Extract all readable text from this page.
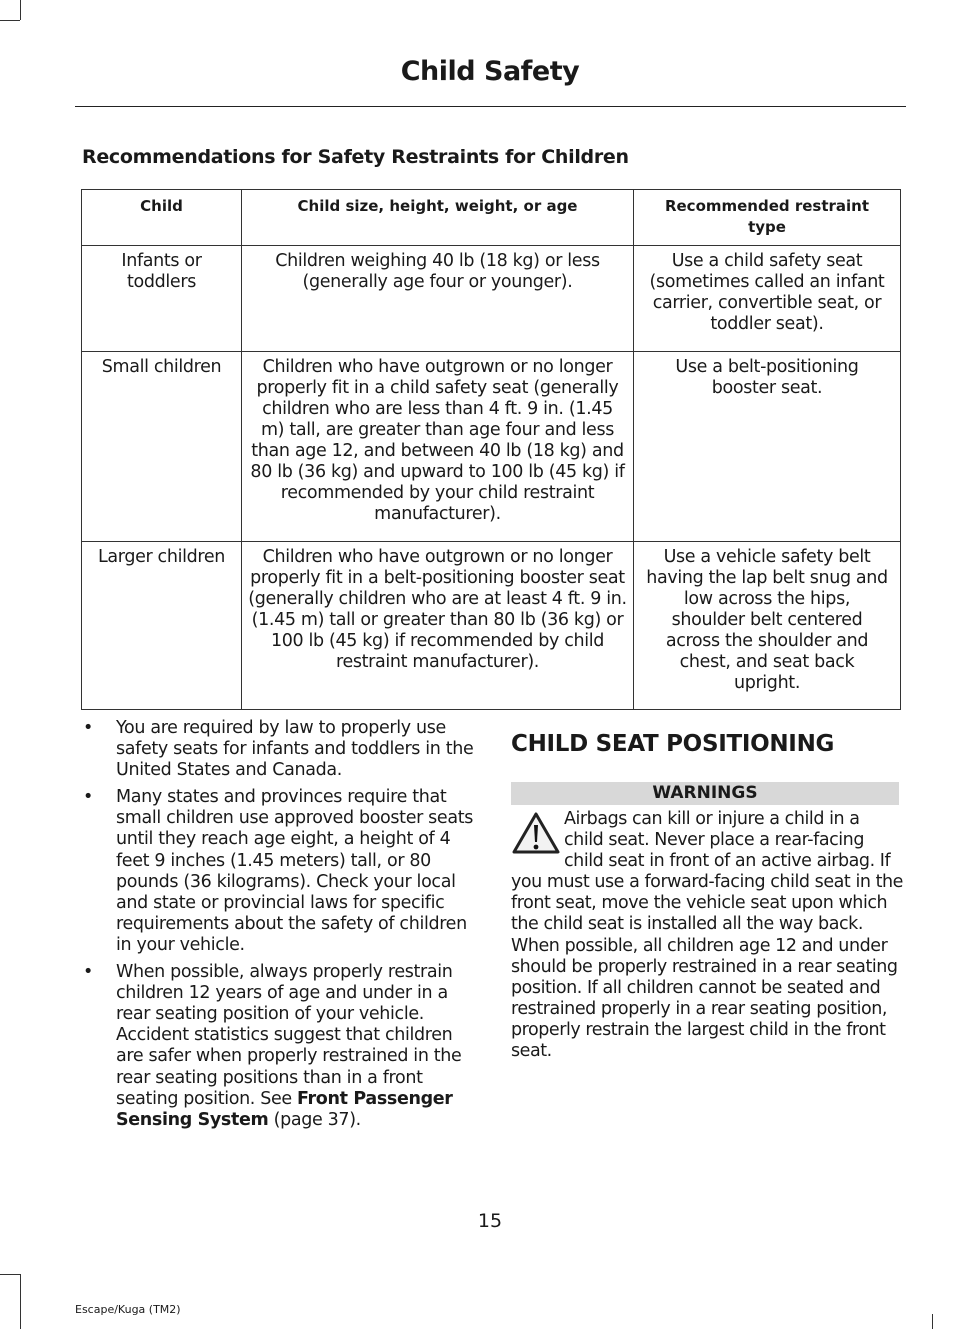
Child Safety
Recommendations for Safety Restraints for Children
Child	Child size, height, weight, or age	Recommended restraint type
Infants or toddlers	Children weighing 40 lb (18 kg) or less (generally age four or younger).	Use a child safety seat (sometimes called an infant carrier, convertible seat, or toddler seat).
Small children	Children who have outgrown or no longer properly fit in a child safety seat (generally children who are less than 4 ft. 9 in. (1.45 m) tall, are greater than age four and less than age 12, and between 40 lb (18 kg) and 80 lb (36 kg) and upward to 100 lb (45 kg) if recommended by your child restraint manufacturer).	Use a belt-positioning booster seat.
Larger children	Children who have outgrown or no longer properly fit in a belt-positioning booster seat (generally children who are at least 4 ft. 9 in. (1.45 m) tall or greater than 80 lb (36 kg) or 100 lb (45 kg) if recommended by child restraint manufacturer).	Use a vehicle safety belt having the lap belt snug and low across the hips, shoulder belt centered across the shoulder and chest, and seat back upright.
• You are required by law to properly use safety seats for infants and toddlers in the United States and Canada.
• Many states and provinces require that small children use approved booster seats until they reach age eight, a height of 4 feet 9 inches (1.45 meters) tall, or 80 pounds (36 kilograms). Check your local and state or provincial laws for specific requirements about the safety of children in your vehicle.
• When possible, always properly restrain children 12 years of age and under in a rear seating position of your vehicle. Accident statistics suggest that children are safer when properly restrained in the rear seating positions than in a front seating position. See Front Passenger Sensing System (page 37).
CHILD SEAT POSITIONING
WARNINGS
Airbags can kill or injure a child in a child seat. Never place a rear-facing child seat in front of an active airbag. If you must use a forward-facing child seat in the front seat, move the vehicle seat upon which the child seat is installed all the way back. When possible, all children age 12 and under should be properly restrained in a rear seating position. If all children cannot be seated and restrained properly in a rear seating position, properly restrain the largest child in the front seat.
15
Escape/Kuga (TM2)
